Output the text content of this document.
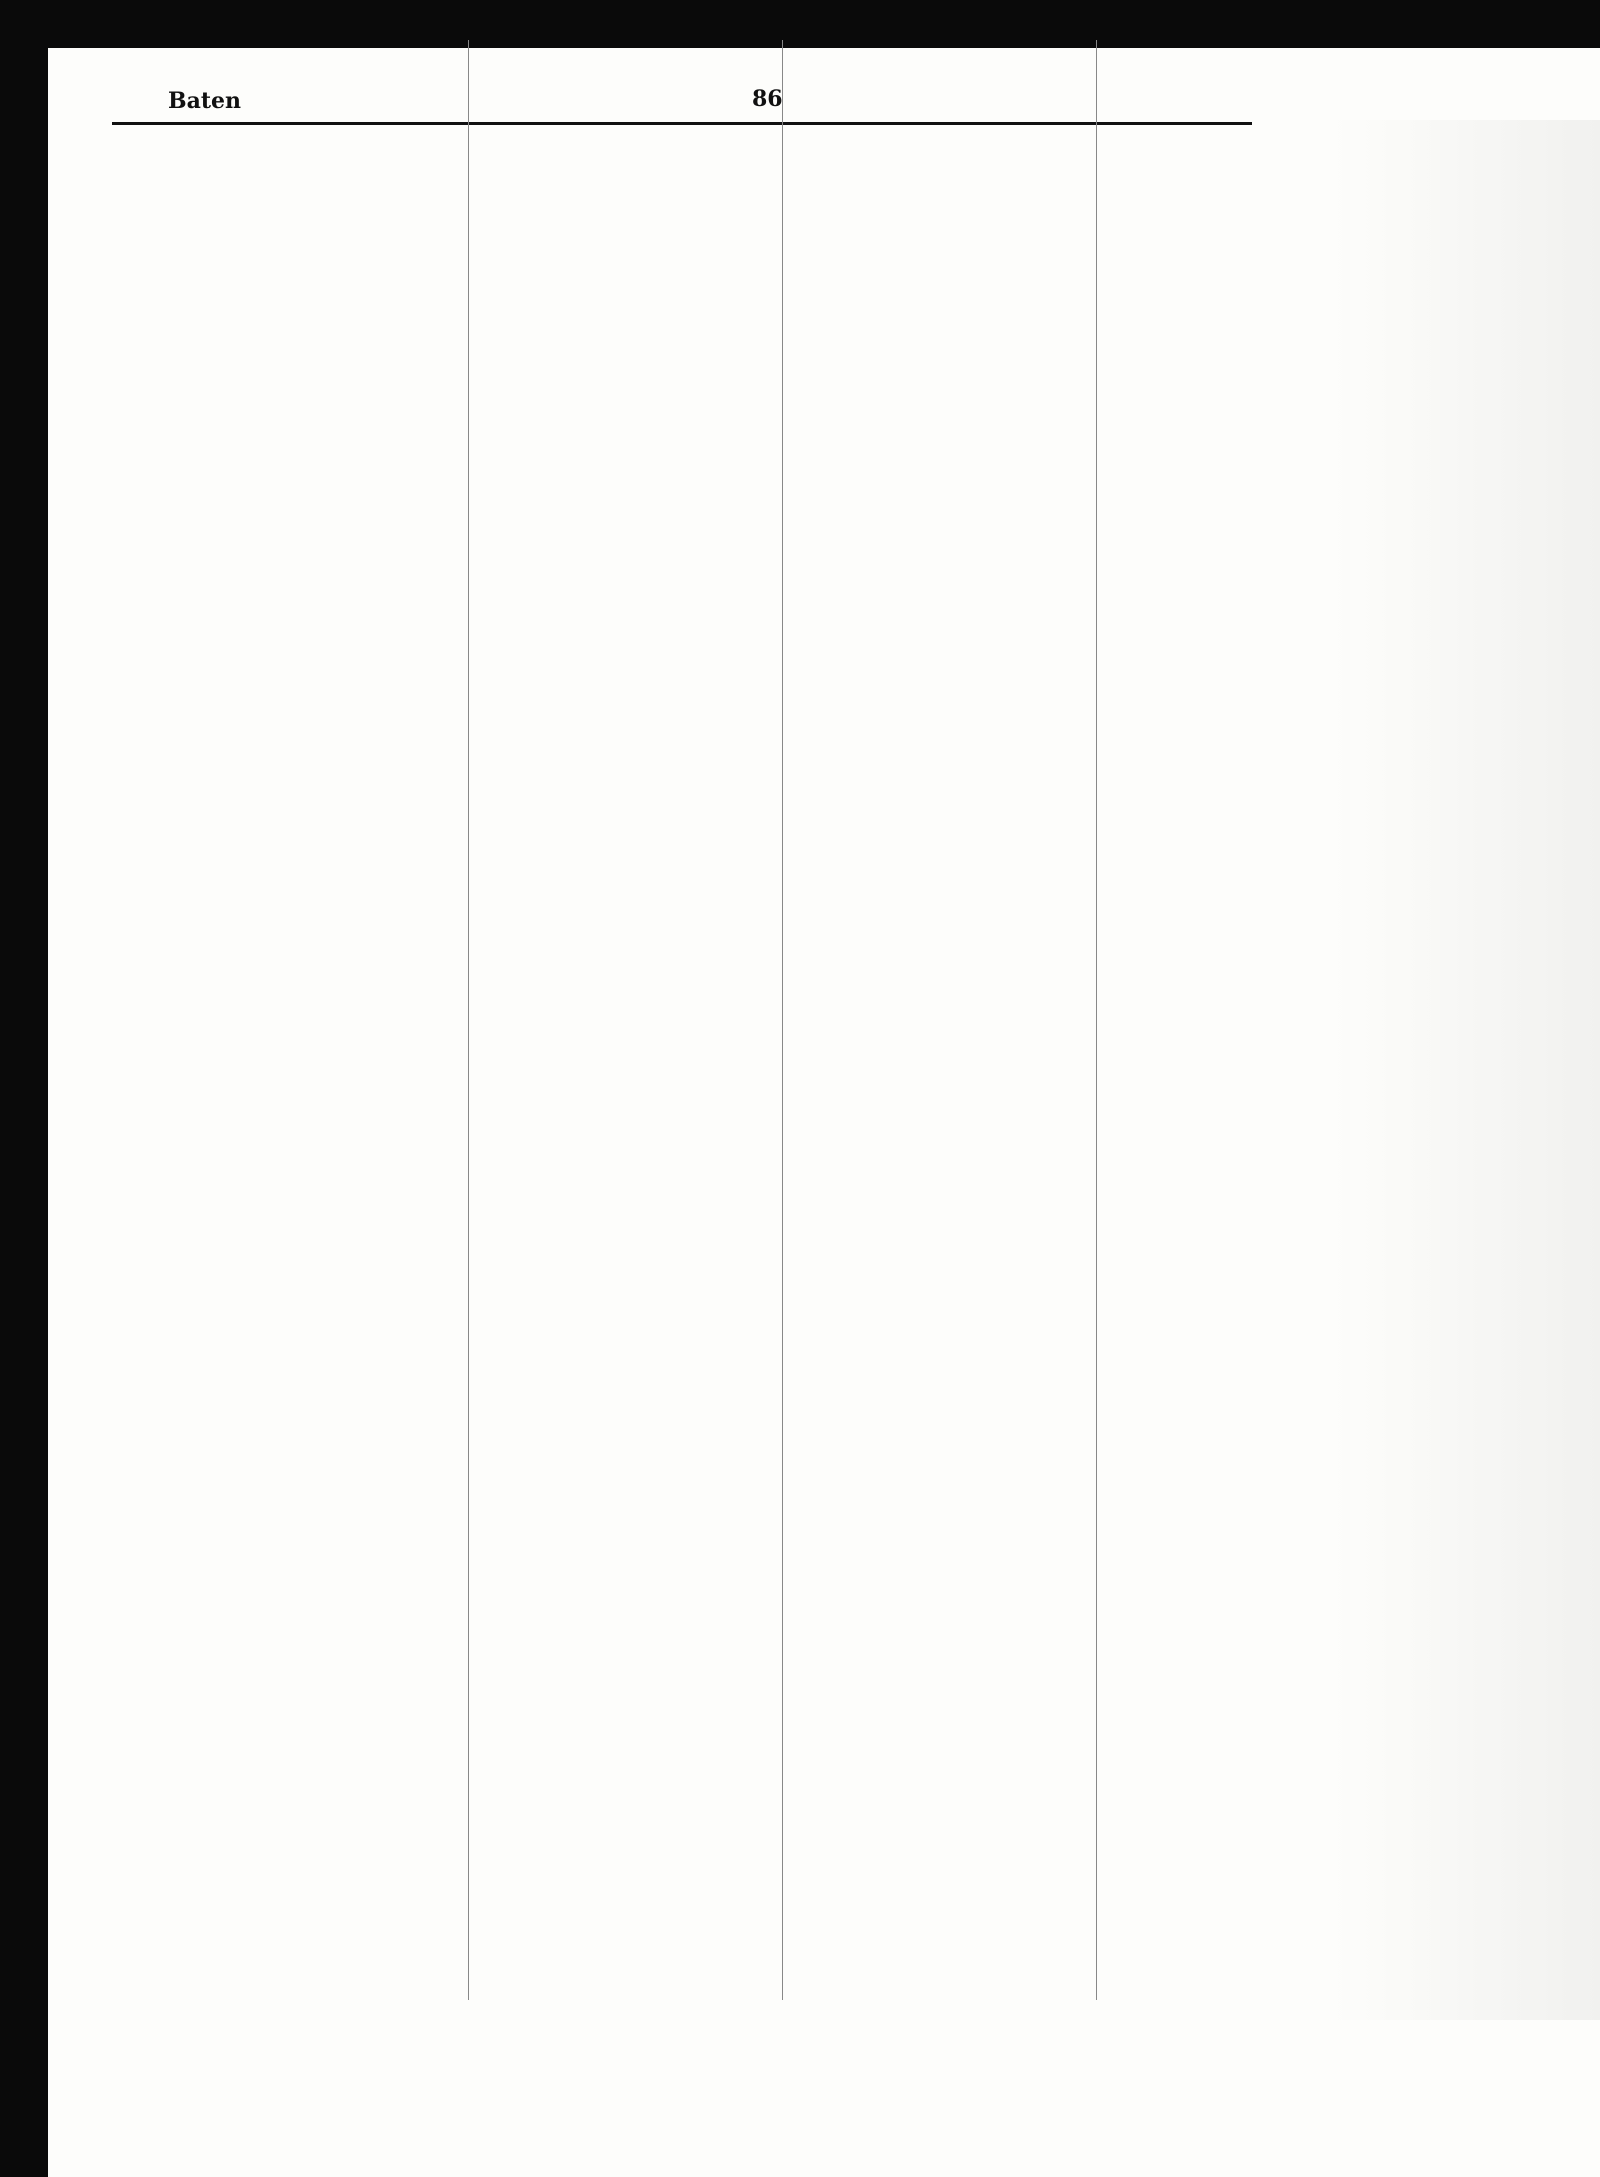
Baten	86
